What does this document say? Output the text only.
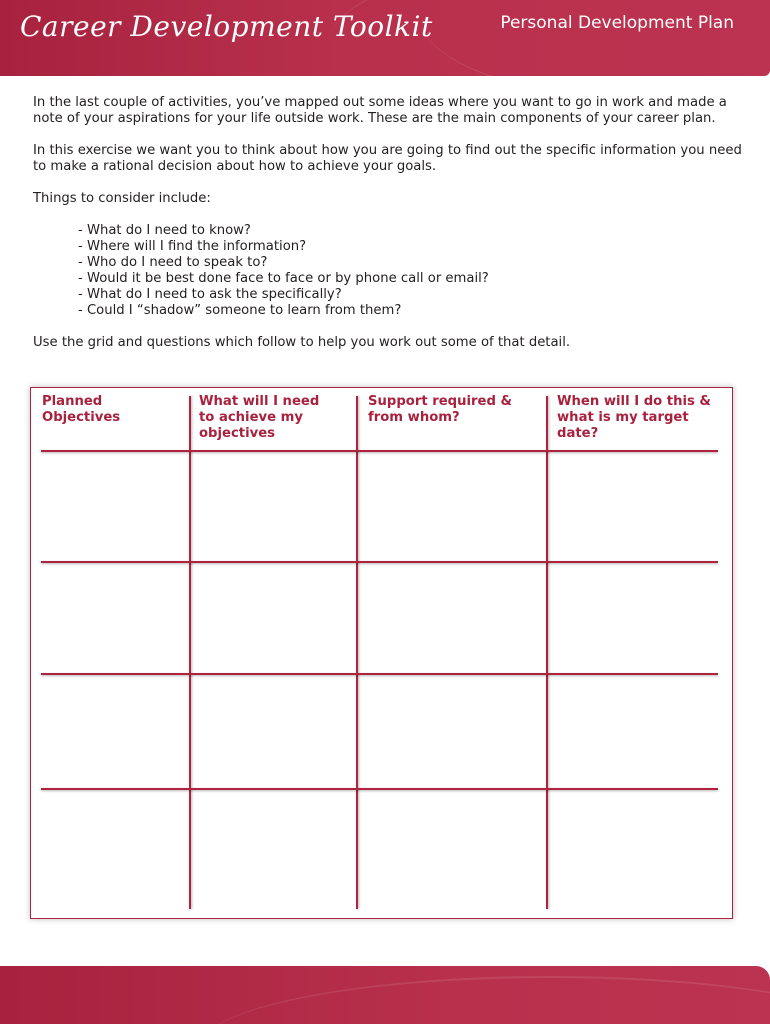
Career Development Toolkit	Personal Development Plan

In the last couple of activities, you’ve mapped out some ideas where you want to go in work and made a note of your aspirations for your life outside work. These are the main components of your career plan.

In this exercise we want you to think about how you are going to find out the specific information you need to make a rational decision about how to achieve your goals.

Things to consider include:

- What do I need to know?
- Where will I find the information?
- Who do I need to speak to?
- Would it be best done face to face or by phone call or email?
- What do I need to ask the specifically?
- Could I “shadow” someone to learn from them?

Use the grid and questions which follow to help you work out some of that detail.

Planned Objectives
What will I need to achieve my objectives
Support required & from whom?
When will I do this & what is my target date?
